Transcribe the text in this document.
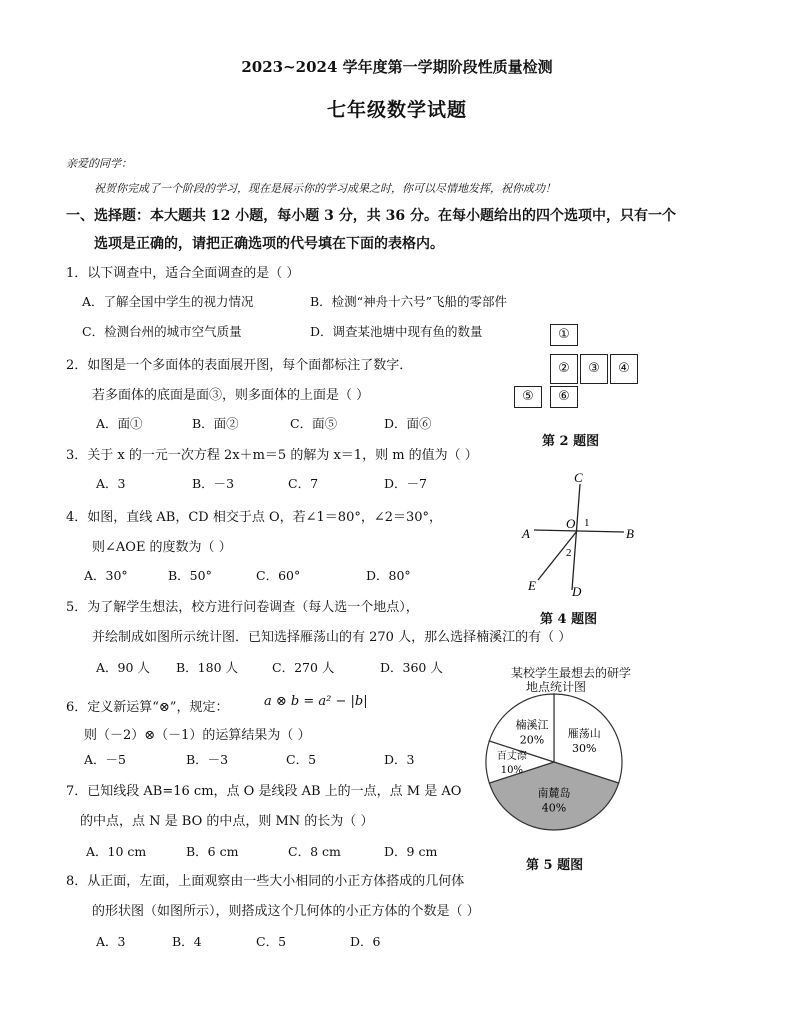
2023~2024 学年度第一学期阶段性质量检测
七年级数学试题
亲爱的同学：
祝贺你完成了一个阶段的学习，现在是展示你的学习成果之时，你可以尽情地发挥，祝你成功！
一、选择题：本大题共 12 小题，每小题 3 分，共 36 分。在每小题给出的四个选项中，只有一个
选项是正确的，请把正确选项的代号填在下面的表格内。
1．以下调查中，适合全面调查的是（ ）
A．了解全国中学生的视力情况	B．检测“神舟十六号”飞船的零部件
C．检测台州的城市空气质量	D．调查某池塘中现有鱼的数量
2．如图是一个多面体的表面展开图，每个面都标注了数字．
若多面体的底面是面③，则多面体的上面是（ ）
A．面①	B．面②	C．面⑤	D．面⑥
①
②	③	④
⑤	⑥
第 2 题图
3．关于 x 的一元一次方程 2x＋m＝5 的解为 x＝1，则 m 的值为（ ）
A．3	B．－3	C．7	D．－7
4．如图，直线 AB，CD 相交于点 O，若∠1＝80°，∠2＝30°，
则∠AOE 的度数为（ ）
A．30°	B．50°	C．60°	D．80°
A	B
C
D
E
O 1
2
第 4 题图
5．为了解学生想法，校方进行问卷调查（每人选一个地点），
并绘制成如图所示统计图．已知选择雁荡山的有 270 人，那么选择楠溪江的有（ ）
A．90 人 B．180 人	C．270 人	D．360 人	某校学生最想去的研学
地点统计图
雁荡山
30%
南麓岛
40%
百丈漈
10%
楠溪江
20%
第 5 题图
6．定义新运算“⊗”，规定：	a ⊗ b = a² − |b|
则（－2）⊗（－1）的运算结果为（ ）
A．－5	B．－3	C．5	D．3
7．已知线段 AB=16 cm，点 O 是线段 AB 上的一点，点 M 是 AO
的中点，点 N 是 BO 的中点，则 MN 的长为（ ）
A．10 cm	B．6 cm	C．8 cm	D．9 cm
8．从正面，左面，上面观察由一些大小相同的小正方体搭成的几何体
的形状图（如图所示），则搭成这个几何体的小正方体的个数是（ ）
A．3	B．4	C．5	D．6
